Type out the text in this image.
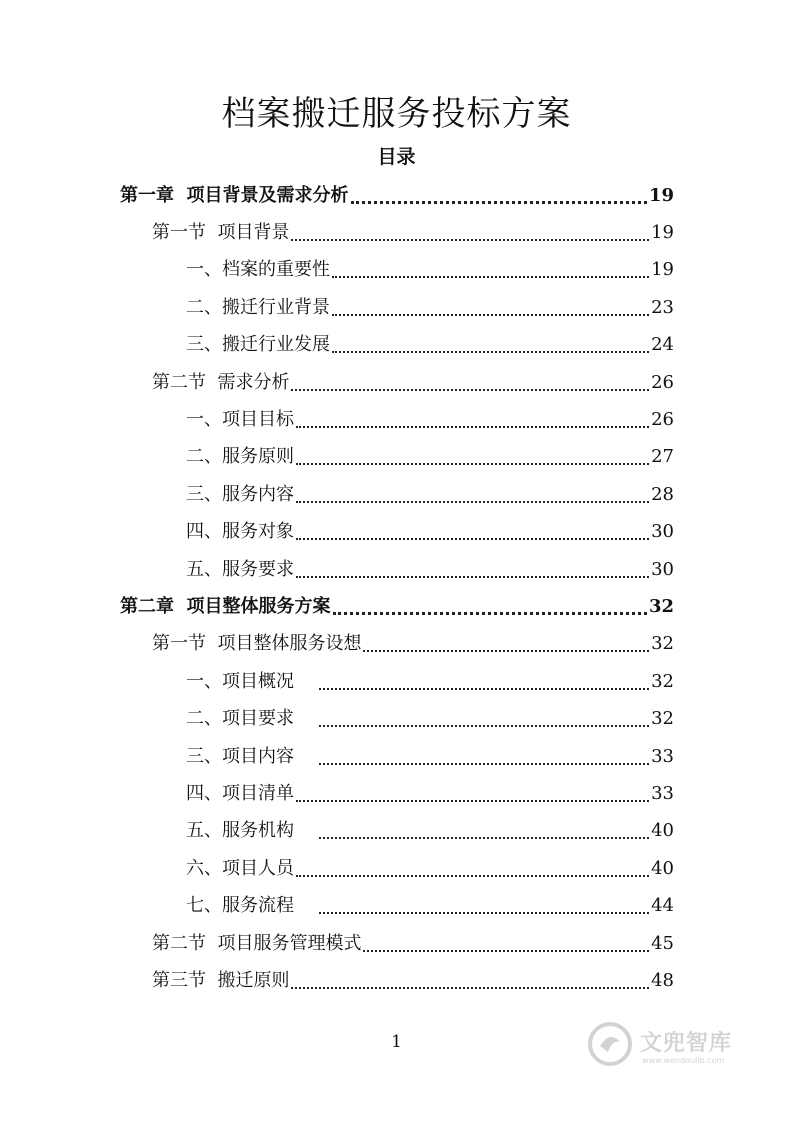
档案搬迁服务投标方案
目录
第一章  项目背景及需求分析	19
第一节  项目背景	19
一、档案的重要性	19
二、搬迁行业背景	23
三、搬迁行业发展	24
第二节  需求分析	26
一、项目目标	26
二、服务原则	27
三、服务内容	28
四、服务对象	30
五、服务要求	30
第二章  项目整体服务方案	32
第一节  项目整体服务设想	32
一、项目概况	32
二、项目要求	32
三、项目内容	33
四、项目清单	33
五、服务机构	40
六、项目人员	40
七、服务流程	44
第二节  项目服务管理模式	45
第三节  搬迁原则	48
1	文兜智库
www.wendoulib.com
